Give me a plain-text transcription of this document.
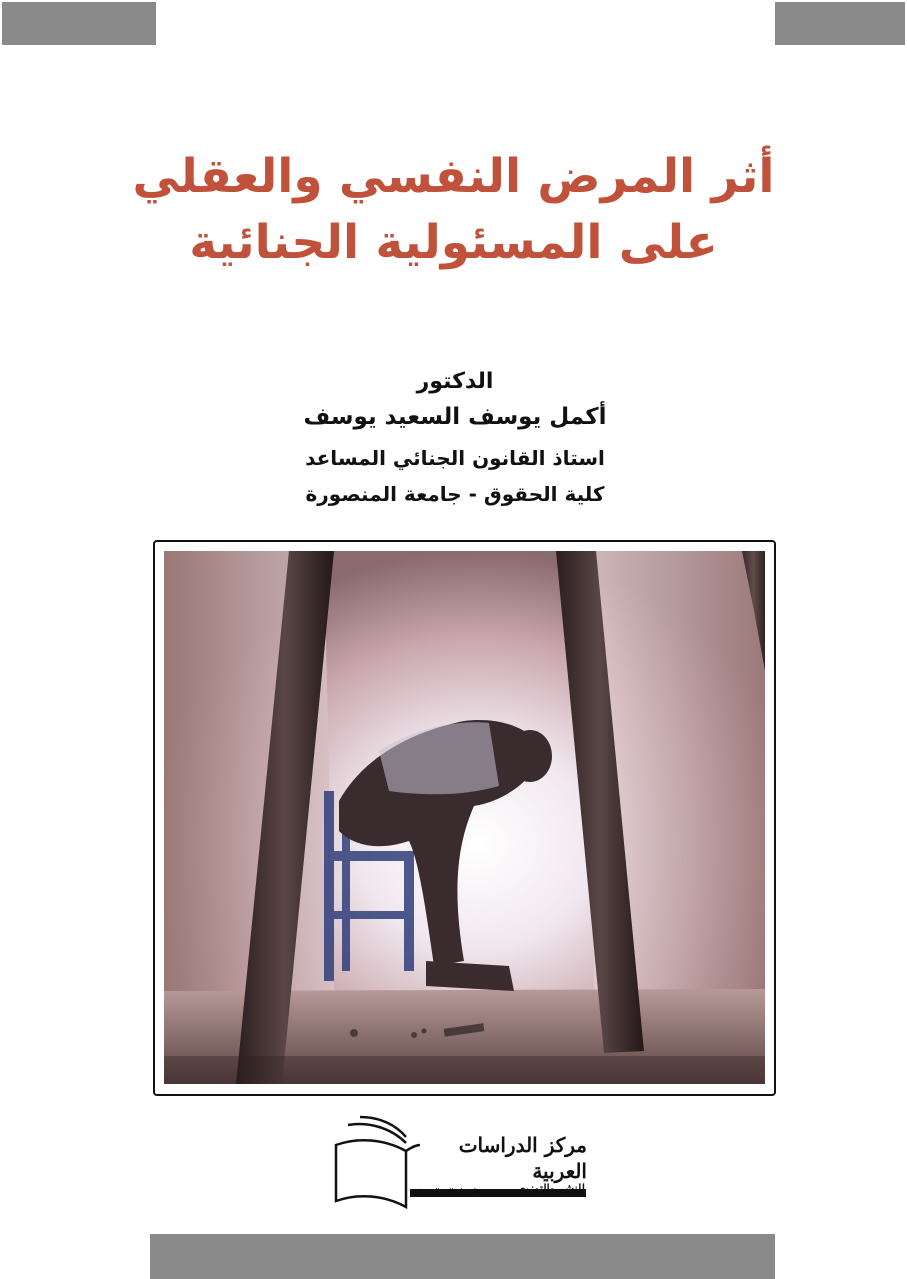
أثر المرض النفسي والعقلي
على المسئولية الجنائية
الدكتور
أكمل يوسف السعيد يوسف
استاذ القانون الجنائي المساعد
كلية الحقوق - جامعة المنصورة
مركز الدراسات العربية
للنشر والتوزيع
طريقك إلى المعرفة
